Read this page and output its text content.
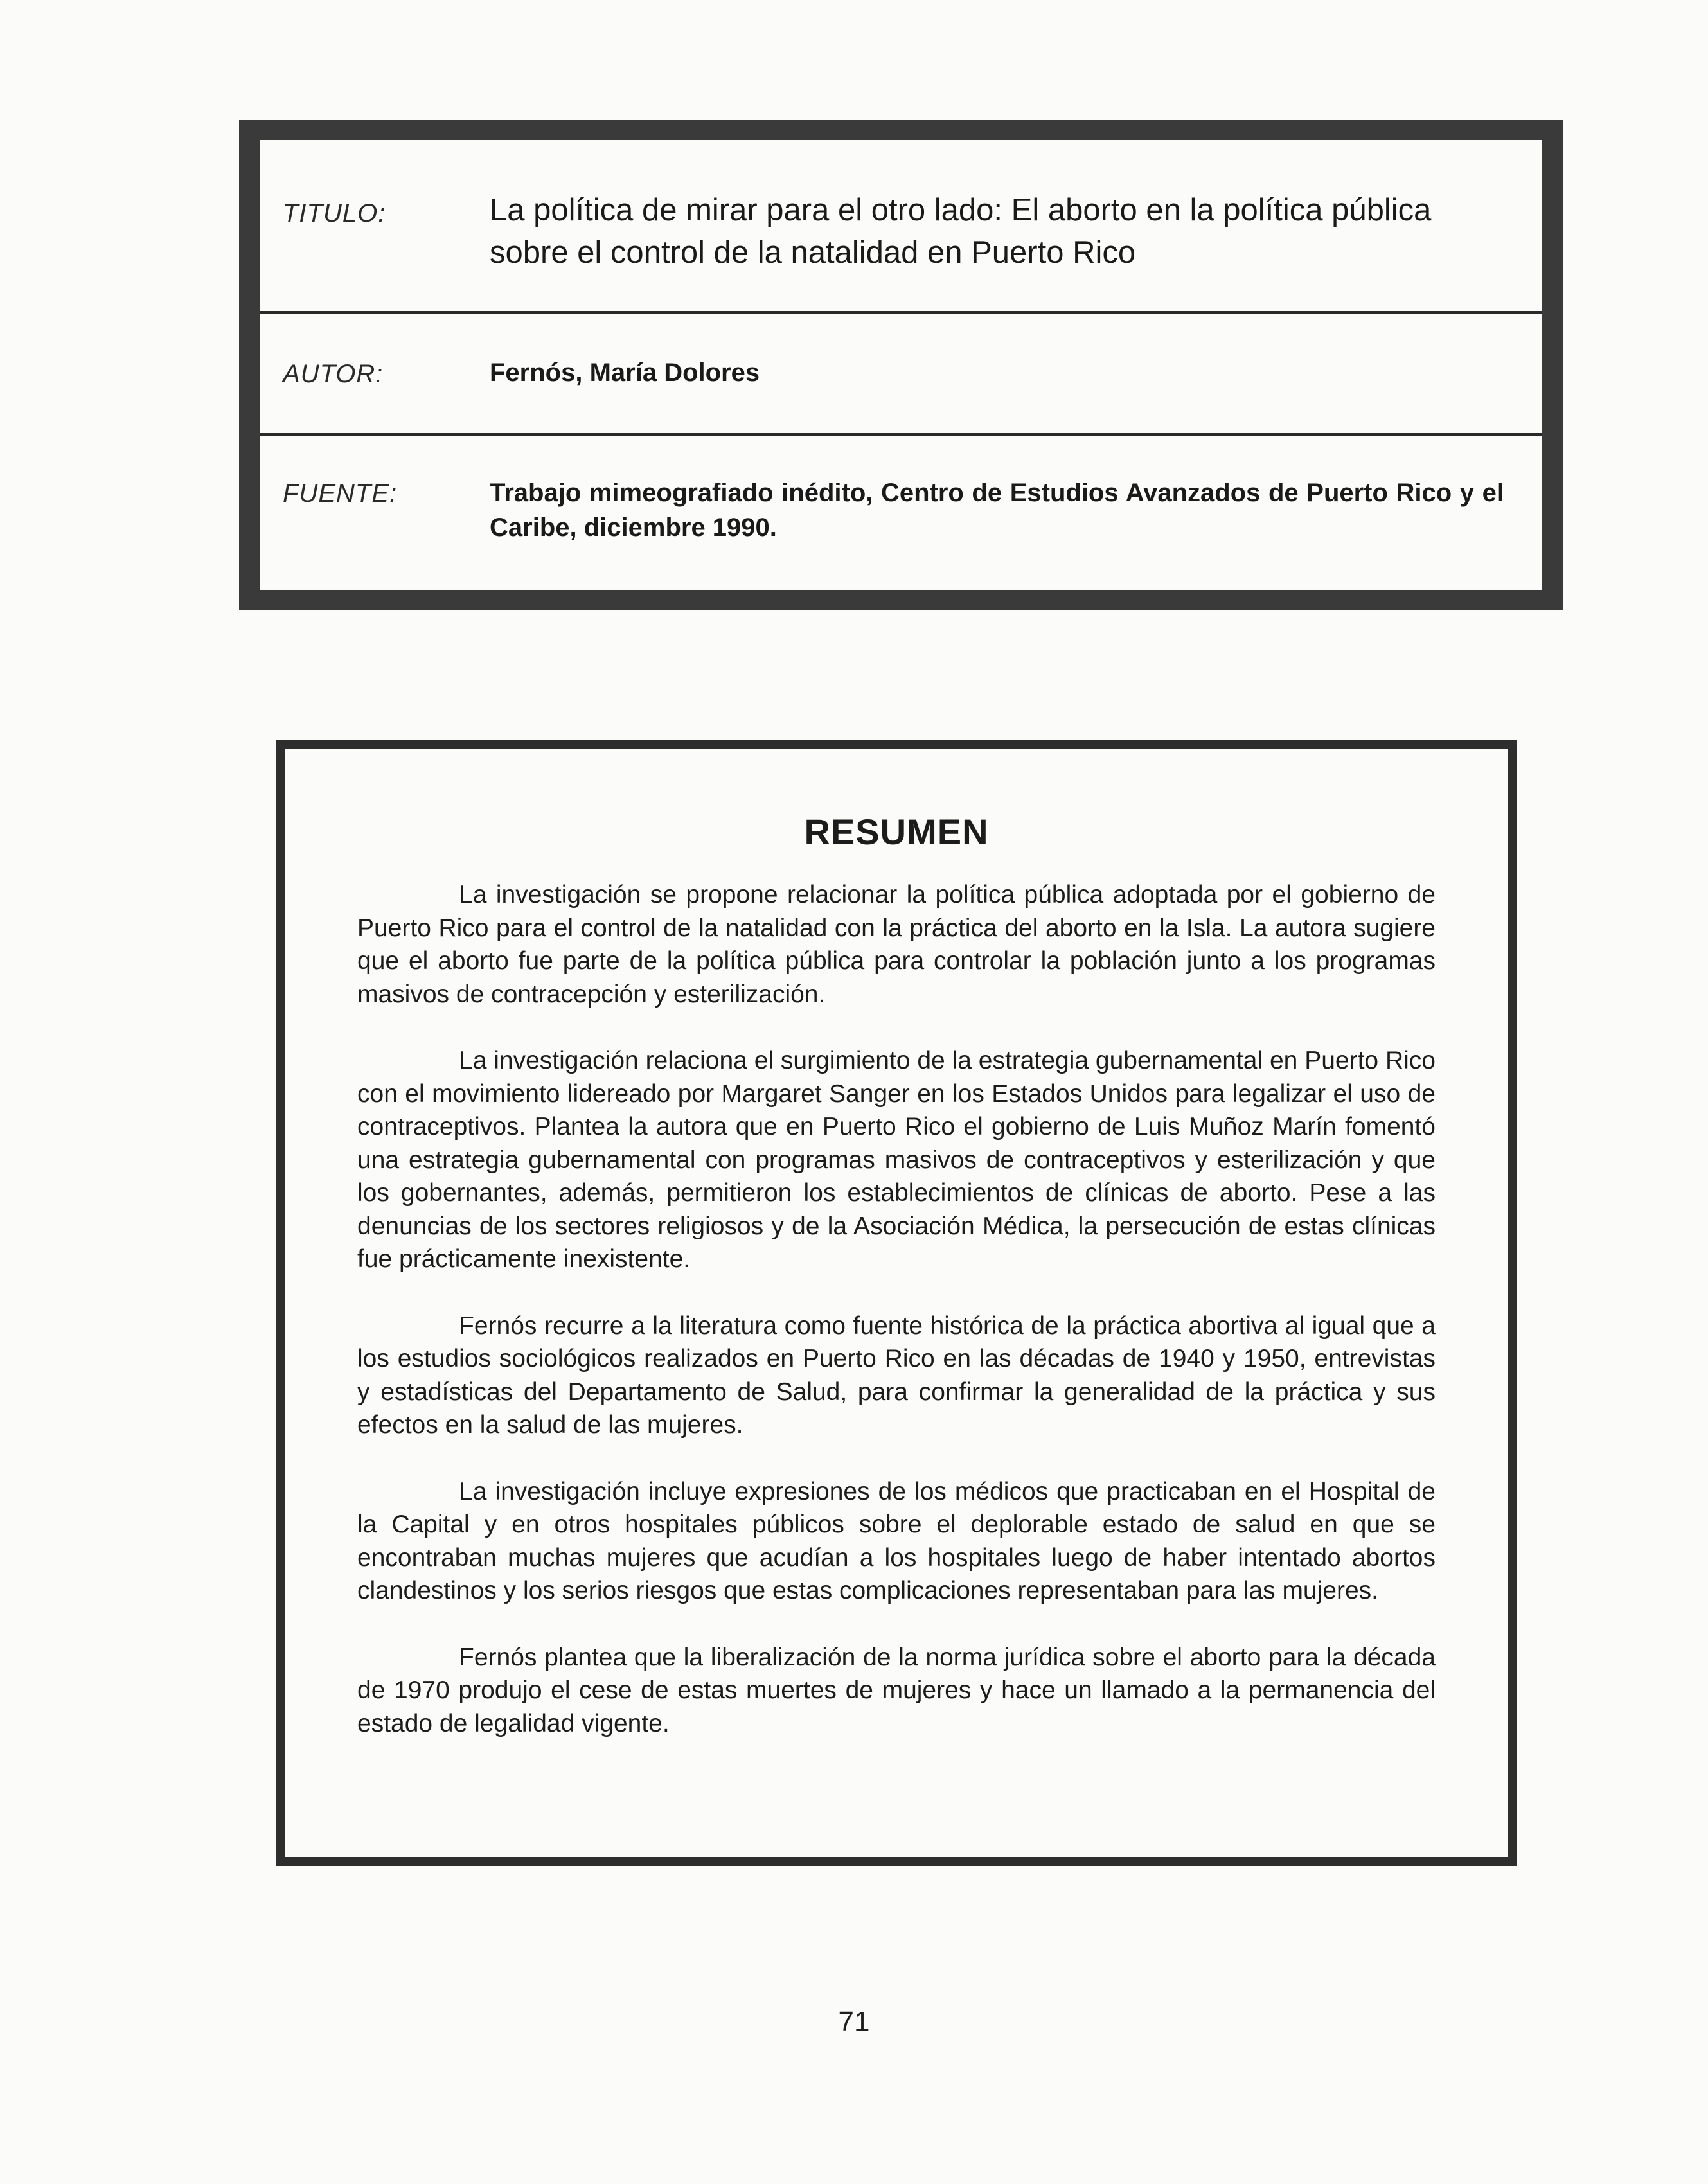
TITULO:	La política de mirar para el otro lado: El aborto en la política pública sobre el control de la natalidad en Puerto Rico
AUTOR:	Fernós, María Dolores
FUENTE:	Trabajo mimeografiado inédito, Centro de Estudios Avanzados de Puerto Rico y el Caribe, diciembre 1990.
RESUMEN

La investigación se propone relacionar la política pública adoptada por el gobierno de Puerto Rico para el control de la natalidad con la práctica del aborto en la Isla. La autora sugiere que el aborto fue parte de la política pública para controlar la población junto a los programas masivos de contracepción y esterilización.

La investigación relaciona el surgimiento de la estrategia gubernamental en Puerto Rico con el movimiento lidereado por Margaret Sanger en los Estados Unidos para legalizar el uso de contraceptivos. Plantea la autora que en Puerto Rico el gobierno de Luis Muñoz Marín fomentó una estrategia gubernamental con programas masivos de contraceptivos y esterilización y que los gobernantes, además, permitieron los establecimientos de clínicas de aborto. Pese a las denuncias de los sectores religiosos y de la Asociación Médica, la persecución de estas clínicas fue prácticamente inexistente.

Fernós recurre a la literatura como fuente histórica de la práctica abortiva al igual que a los estudios sociológicos realizados en Puerto Rico en las décadas de 1940 y 1950, entrevistas y estadísticas del Departamento de Salud, para confirmar la generalidad de la práctica y sus efectos en la salud de las mujeres.

La investigación incluye expresiones de los médicos que practicaban en el Hospital de la Capital y en otros hospitales públicos sobre el deplorable estado de salud en que se encontraban muchas mujeres que acudían a los hospitales luego de haber intentado abortos clandestinos y los serios riesgos que estas complicaciones representaban para las mujeres.

Fernós plantea que la liberalización de la norma jurídica sobre el aborto para la década de 1970 produjo el cese de estas muertes de mujeres y hace un llamado a la permanencia del estado de legalidad vigente.

71
